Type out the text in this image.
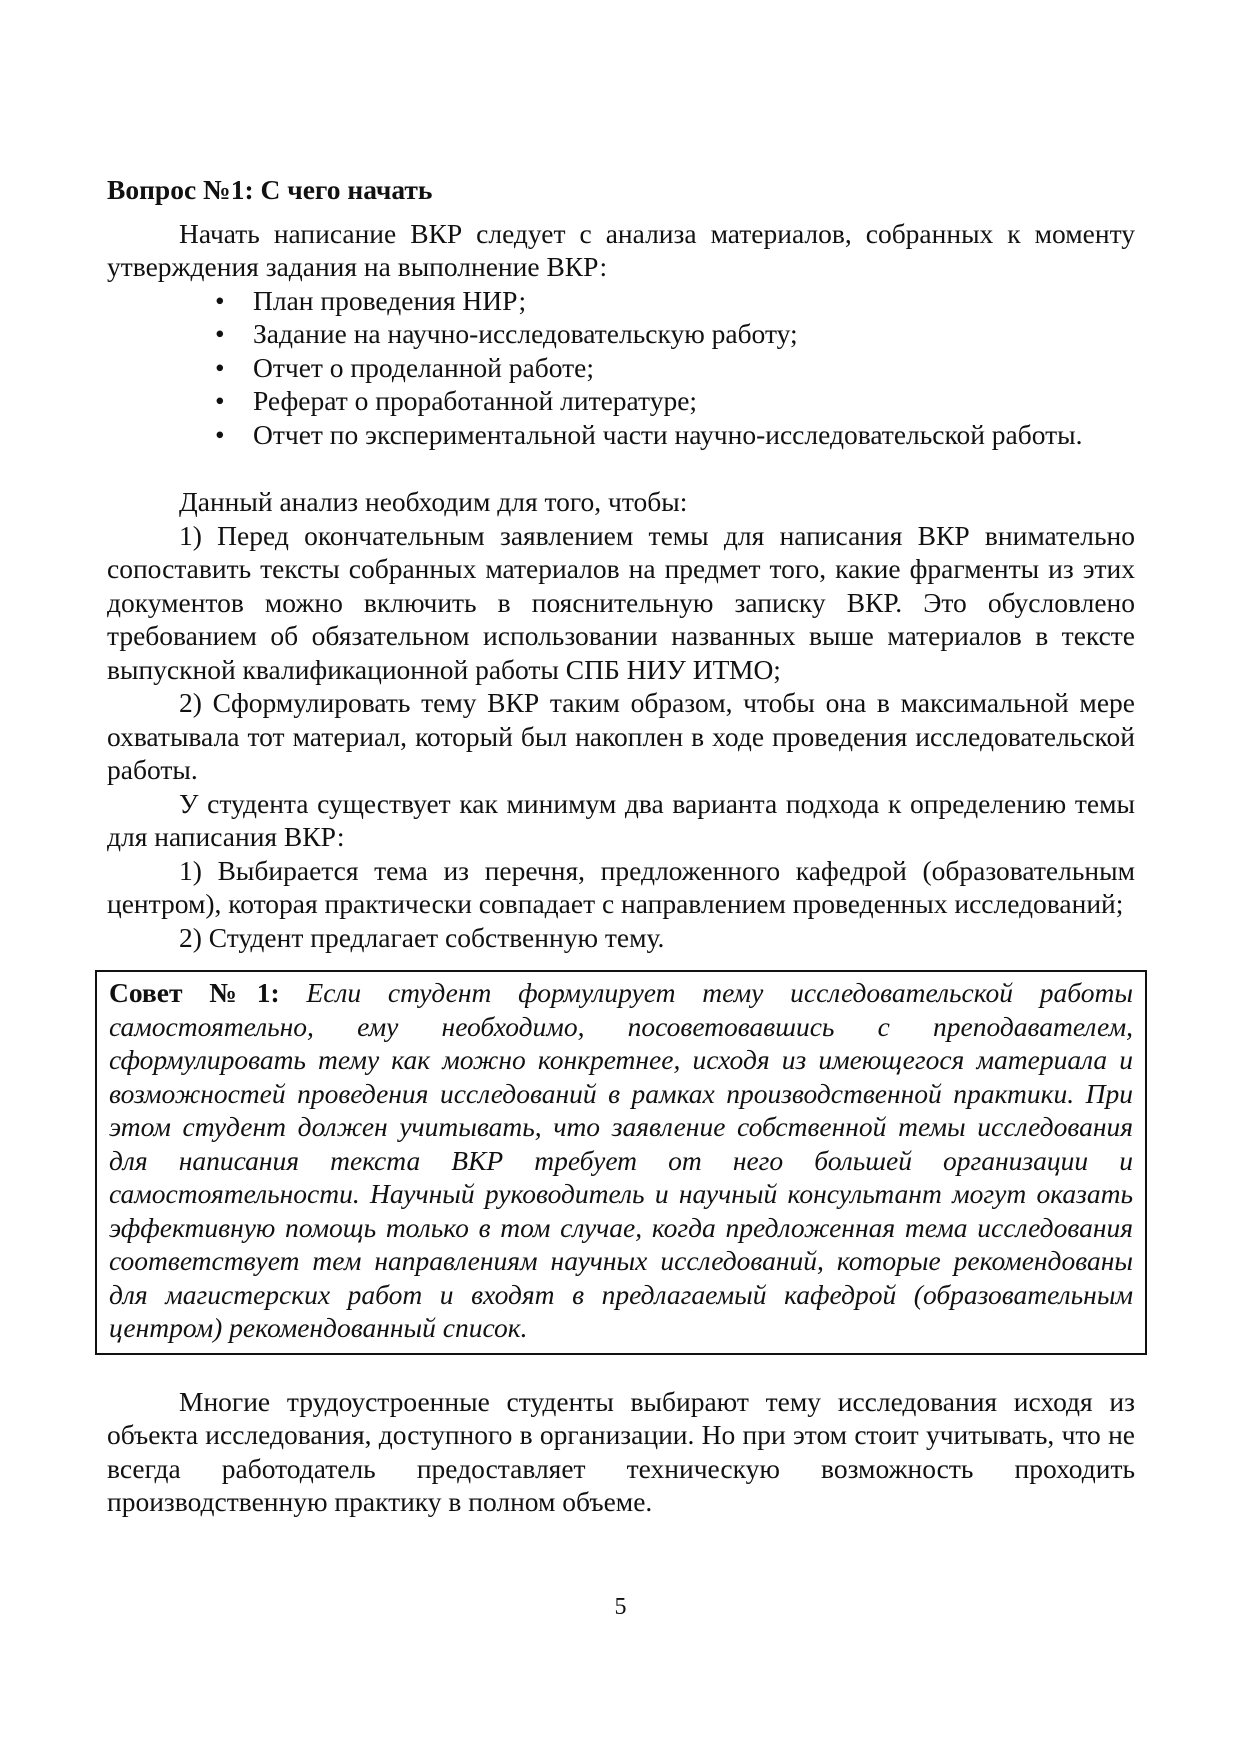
Вопрос №1: С чего начать

Начать написание ВКР следует с анализа материалов, собранных к моменту утверждения задания на выполнение ВКР:

• План проведения НИР;
• Задание на научно-исследовательскую работу;
• Отчет о проделанной работе;
• Реферат о проработанной литературе;
• Отчет по экспериментальной части научно-исследовательской работы.

Данный анализ необходим для того, чтобы:

1) Перед окончательным заявлением темы для написания ВКР внимательно сопоставить тексты собранных материалов на предмет того, какие фрагменты из этих документов можно включить в пояснительную записку ВКР. Это обусловлено требованием об обязательном использовании названных выше материалов в тексте выпускной квалификационной работы СПБ НИУ ИТМО;

2) Сформулировать тему ВКР таким образом, чтобы она в максимальной мере охватывала тот материал, который был накоплен в ходе проведения исследовательской работы.

У студента существует как минимум два варианта подхода к определению темы для написания ВКР:

1) Выбирается тема из перечня, предложенного кафедрой (образовательным центром), которая практически совпадает с направлением проведенных исследований;

2) Студент предлагает собственную тему.

Совет №1: Если студент формулирует тему исследовательской работы самостоятельно, ему необходимо, посоветовавшись с преподавателем, сформулировать тему как можно конкретнее, исходя из имеющегося материала и возможностей проведения исследований в рамках производственной практики. При этом студент должен учитывать, что заявление собственной темы исследования для написания текста ВКР требует от него большей организации и самостоятельности. Научный руководитель и научный консультант могут оказать эффективную помощь только в том случае, когда предложенная тема исследования соответствует тем направлениям научных исследований, которые рекомендованы для магистерских работ и входят в предлагаемый кафедрой (образовательным центром) рекомендованный список.

Многие трудоустроенные студенты выбирают тему исследования исходя из объекта исследования, доступного в организации. Но при этом стоит учитывать, что не всегда работодатель предоставляет техническую возможность проходить производственную практику в полном объеме.

5
